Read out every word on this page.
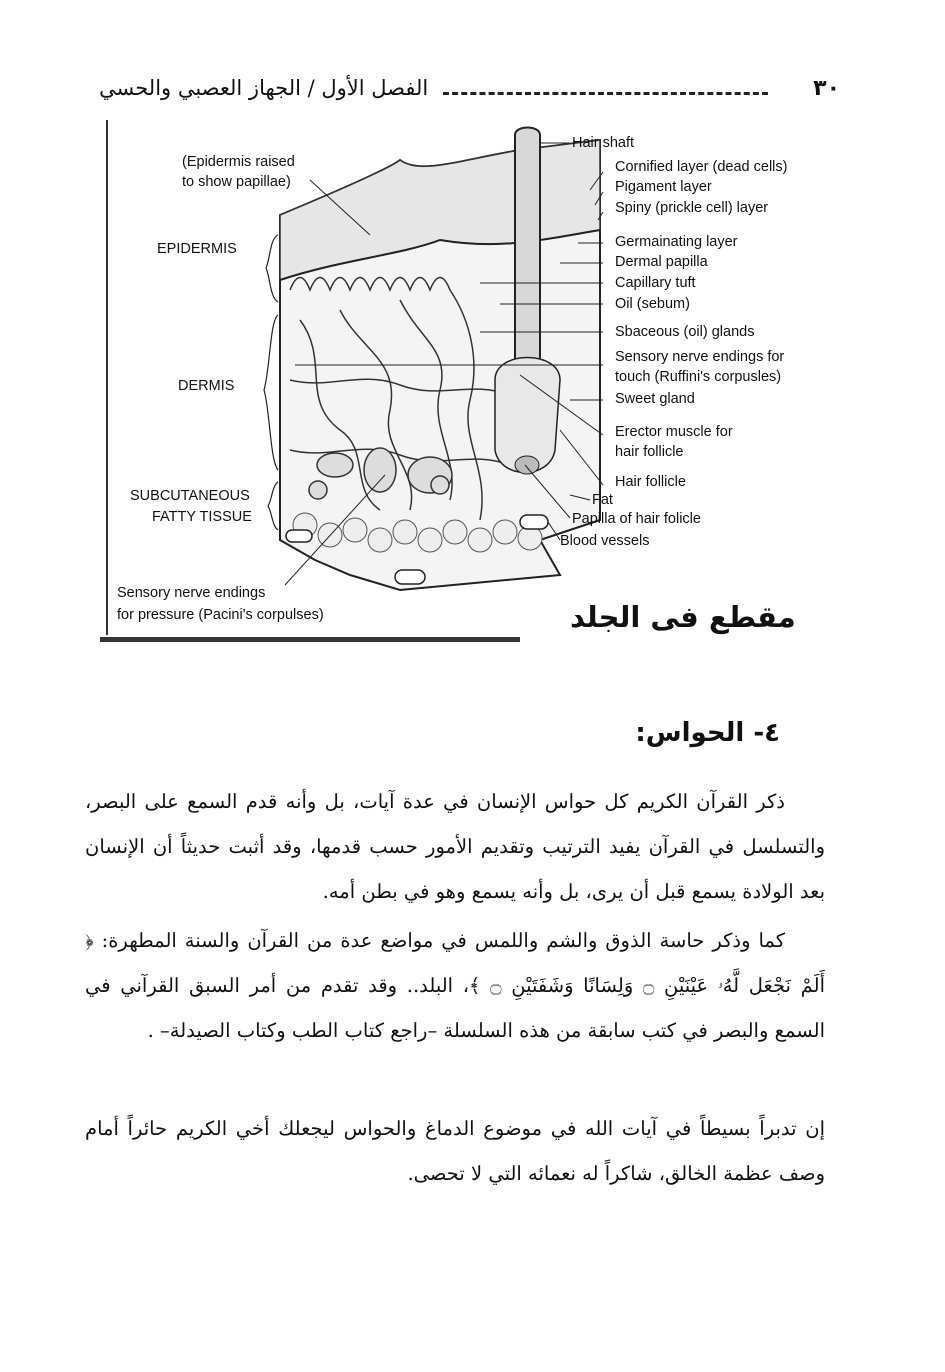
٣٠
الفصل الأول / الجهاز العصبي والحسي
(Epidermis raised
to show papillae)
EPIDERMIS
DERMIS
SUBCUTANEOUS
FATTY TISSUE
Sensory nerve endings
for pressure (Pacini's corpulses)
Hair shaft
Cornified layer (dead cells)
Pigament layer
Spiny (prickle cell) layer
Germainating layer
Dermal papilla
Capillary tuft
Oil (sebum)
Sbaceous (oil) glands
Sensory nerve endings for
touch (Ruffini's corpusles)
Sweet gland
Erector muscle for
hair follicle
Hair follicle
Fat
Papilla of hair folicle
Blood vessels
مقطع فى الجلد
٤- الحواس:

ذكر القرآن الكريم كل حواس الإنسان في عدة آيات، بل وأنه قدم السمع على البصر، والتسلسل في القرآن يفيد الترتيب وتقديم الأمور حسب قدمها، وقد أثبت حديثاً أن الإنسان بعد الولادة يسمع قبل أن يرى، بل وأنه يسمع وهو في بطن أمه.

كما وذكر حاسة الذوق والشم واللمس في مواضع عدة من القرآن والسنة المطهرة: ﴿ أَلَمْ نَجْعَل لَّهُۥ عَيْنَيْنِ ۝ وَلِسَانًا وَشَفَتَيْنِ ۝ ﴾، البلد.. وقد تقدم من أمر السبق القرآني في السمع والبصر في كتب سابقة من هذه السلسلة –راجع كتاب الطب وكتاب الصيدلة– .

إن تدبراً بسيطاً في آيات الله في موضوع الدماغ والحواس ليجعلك أخي الكريم حائراً أمام وصف عظمة الخالق، شاكراً له نعمائه التي لا تحصى.
